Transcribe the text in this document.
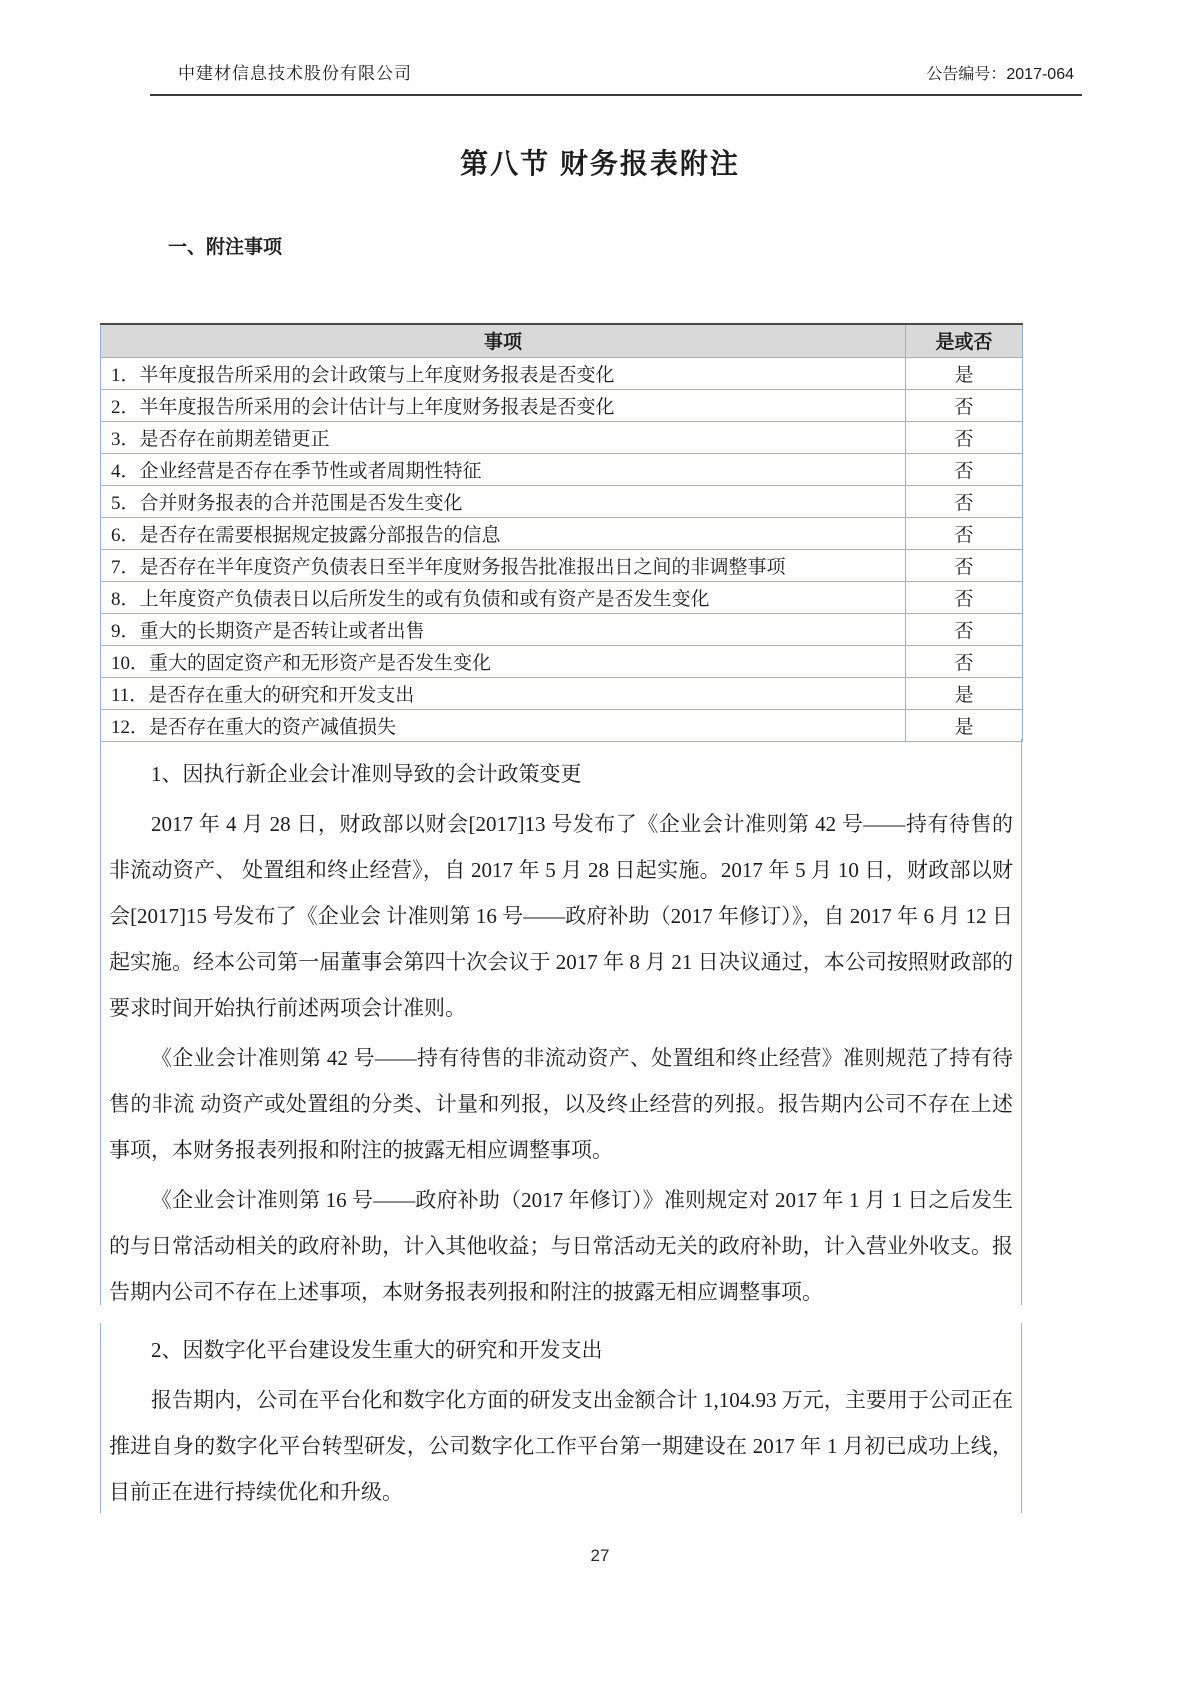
中建材信息技术股份有限公司	公告编号：2017-064
第八节 财务报表附注
一、附注事项
事项	是或否
1．半年度报告所采用的会计政策与上年度财务报表是否变化	是
2．半年度报告所采用的会计估计与上年度财务报表是否变化	否
3．是否存在前期差错更正	否
4．企业经营是否存在季节性或者周期性特征	否
5．合并财务报表的合并范围是否发生变化	否
6．是否存在需要根据规定披露分部报告的信息	否
7．是否存在半年度资产负债表日至半年度财务报告批准报出日之间的非调整事项	否
8．上年度资产负债表日以后所发生的或有负债和或有资产是否发生变化	否
9．重大的长期资产是否转让或者出售	否
10．重大的固定资产和无形资产是否发生变化	否
11．是否存在重大的研究和开发支出	是
12．是否存在重大的资产减值损失	是
1、因执行新企业会计准则导致的会计政策变更
2017 年 4 月 28 日，财政部以财会[2017]13 号发布了《企业会计准则第 42 号——持有待售的非流动资产、 处置组和终止经营》，自 2017 年 5 月 28 日起实施。2017 年 5 月 10 日，财政部以财会[2017]15 号发布了《企业会 计准则第 16 号——政府补助（2017 年修订）》，自 2017 年 6 月 12 日起实施。经本公司第一届董事会第四十次会议于 2017 年 8 月 21 日决议通过，本公司按照财政部的要求时间开始执行前述两项会计准则。
《企业会计准则第 42 号——持有待售的非流动资产、处置组和终止经营》准则规范了持有待售的非流 动资产或处置组的分类、计量和列报，以及终止经营的列报。报告期内公司不存在上述事项，本财务报表列报和附注的披露无相应调整事项。
《企业会计准则第 16 号——政府补助（2017 年修订）》准则规定对 2017 年 1 月 1 日之后发生的与日常活动相关的政府补助，计入其他收益；与日常活动无关的政府补助，计入营业外收支。报告期内公司不存在上述事项，本财务报表列报和附注的披露无相应调整事项。
2、因数字化平台建设发生重大的研究和开发支出
报告期内，公司在平台化和数字化方面的研发支出金额合计 1,104.93 万元，主要用于公司正在推进自身的数字化平台转型研发，公司数字化工作平台第一期建设在 2017 年 1 月初已成功上线，目前正在进行持续优化和升级。
27
